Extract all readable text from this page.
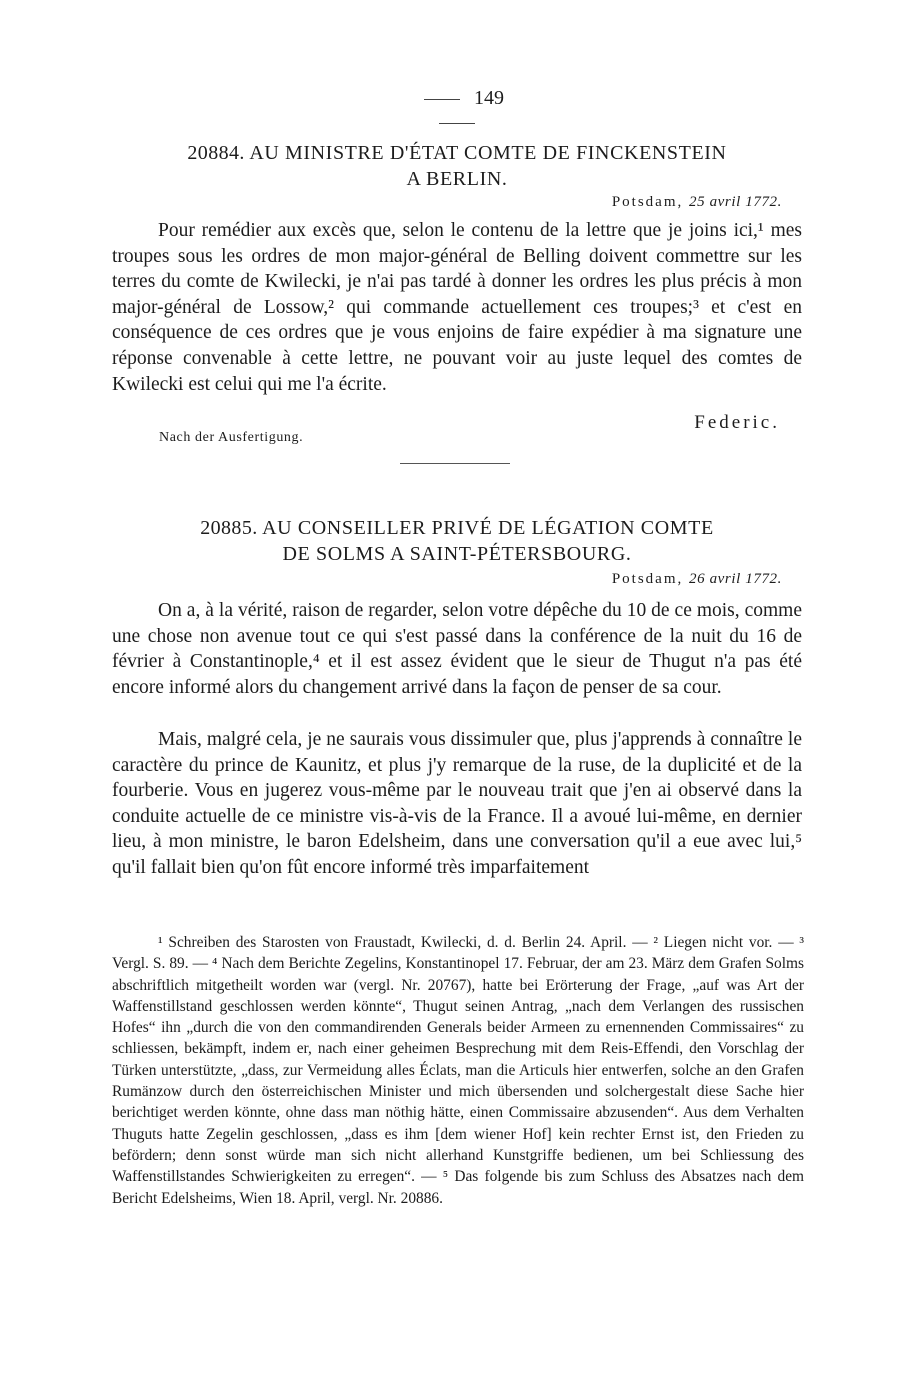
149
20884. AU MINISTRE D'ÉTAT COMTE DE FINCKENSTEIN
A BERLIN.
Potsdam, 25 avril 1772.

Pour remédier aux excès que, selon le contenu de la lettre que je joins ici,¹ mes troupes sous les ordres de mon major-général de Belling doivent commettre sur les terres du comte de Kwilecki, je n'ai pas tardé à donner les ordres les plus précis à mon major-général de Lossow,² qui commande actuellement ces troupes;³ et c'est en conséquence de ces ordres que je vous enjoins de faire expédier à ma signature une réponse convenable à cette lettre, ne pouvant voir au juste lequel des comtes de Kwilecki est celui qui me l'a écrite.

Federic.
Nach der Ausfertigung.
20885. AU CONSEILLER PRIVÉ DE LÉGATION COMTE
DE SOLMS A SAINT-PÉTERSBOURG.
Potsdam, 26 avril 1772.

On a, à la vérité, raison de regarder, selon votre dépêche du 10 de ce mois, comme une chose non avenue tout ce qui s'est passé dans la conférence de la nuit du 16 de février à Constantinople,⁴ et il est assez évident que le sieur de Thugut n'a pas été encore informé alors du changement arrivé dans la façon de penser de sa cour.

Mais, malgré cela, je ne saurais vous dissimuler que, plus j'apprends à connaître le caractère du prince de Kaunitz, et plus j'y remarque de la ruse, de la duplicité et de la fourberie. Vous en jugerez vous-même par le nouveau trait que j'en ai observé dans la conduite actuelle de ce ministre vis-à-vis de la France. Il a avoué lui-même, en dernier lieu, à mon ministre, le baron Edelsheim, dans une conversation qu'il a eue avec lui,⁵ qu'il fallait bien qu'on fût encore informé très imparfaitement

¹ Schreiben des Starosten von Fraustadt, Kwilecki, d. d. Berlin 24. April. — ² Liegen nicht vor. — ³ Vergl. S. 89. — ⁴ Nach dem Berichte Zegelins, Konstantinopel 17. Februar, der am 23. März dem Grafen Solms abschriftlich mitgetheilt worden war (vergl. Nr. 20767), hatte bei Erörterung der Frage, „auf was Art der Waffenstillstand geschlossen werden könnte“, Thugut seinen Antrag, „nach dem Verlangen des russischen Hofes“ ihn „durch die von den commandirenden Generals beider Armeen zu ernennenden Commissaires“ zu schliessen, bekämpft, indem er, nach einer geheimen Besprechung mit dem Reis-Effendi, den Vorschlag der Türken unterstützte, „dass, zur Vermeidung alles Éclats, man die Articuls hier entwerfen, solche an den Grafen Rumänzow durch den österreichischen Minister und mich übersenden und solchergestalt diese Sache hier berichtiget werden könnte, ohne dass man nöthig hätte, einen Commissaire abzusenden“. Aus dem Verhalten Thuguts hatte Zegelin geschlossen, „dass es ihm [dem wiener Hof] kein rechter Ernst ist, den Frieden zu befördern; denn sonst würde man sich nicht allerhand Kunstgriffe bedienen, um bei Schliessung des Waffenstillstandes Schwierigkeiten zu erregen“. — ⁵ Das folgende bis zum Schluss des Absatzes nach dem Bericht Edelsheims, Wien 18. April, vergl. Nr. 20886.
